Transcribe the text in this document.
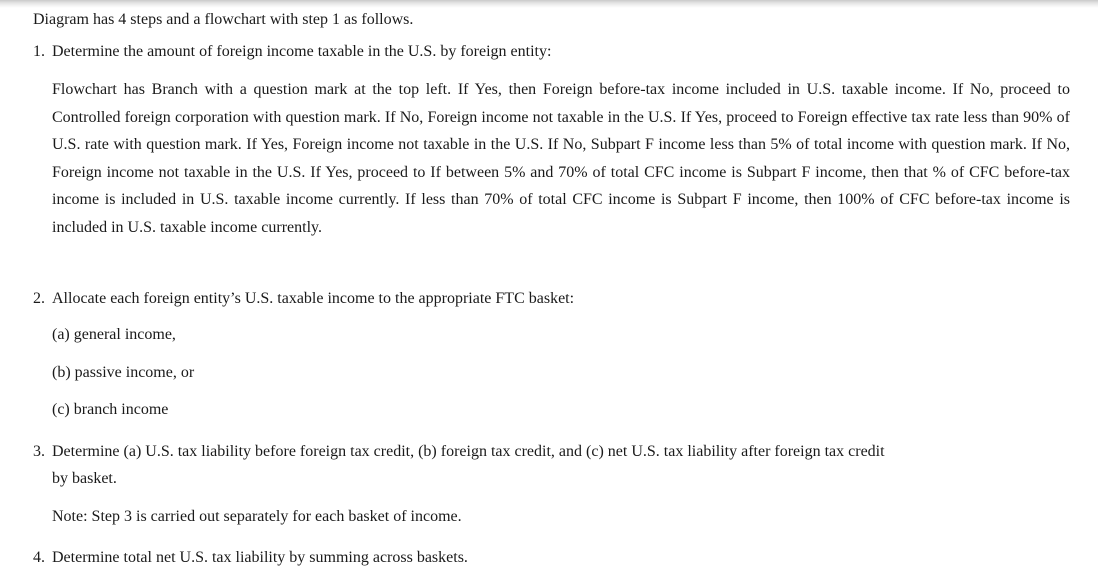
Diagram has 4 steps and a flowchart with step 1 as follows.
1. Determine the amount of foreign income taxable in the U.S. by foreign entity:
Flowchart has Branch with a question mark at the top left. If Yes, then Foreign before-tax income included in U.S. taxable income. If No, proceed to Controlled foreign corporation with question mark. If No, Foreign income not taxable in the U.S. If Yes, proceed to Foreign effective tax rate less than 90% of U.S. rate with question mark. If Yes, Foreign income not taxable in the U.S. If No, Subpart F income less than 5% of total income with question mark. If No, Foreign income not taxable in the U.S. If Yes, proceed to If between 5% and 70% of total CFC income is Subpart F income, then that % of CFC before-tax income is included in U.S. taxable income currently. If less than 70% of total CFC income is Subpart F income, then 100% of CFC before-tax income is included in U.S. taxable income currently.
2. Allocate each foreign entity’s U.S. taxable income to the appropriate FTC basket:
(a) general income,
(b) passive income, or
(c) branch income
3. Determine (a) U.S. tax liability before foreign tax credit, (b) foreign tax credit, and (c) net U.S. tax liability after foreign tax credit
by basket.
Note: Step 3 is carried out separately for each basket of income.
4. Determine total net U.S. tax liability by summing across baskets.
